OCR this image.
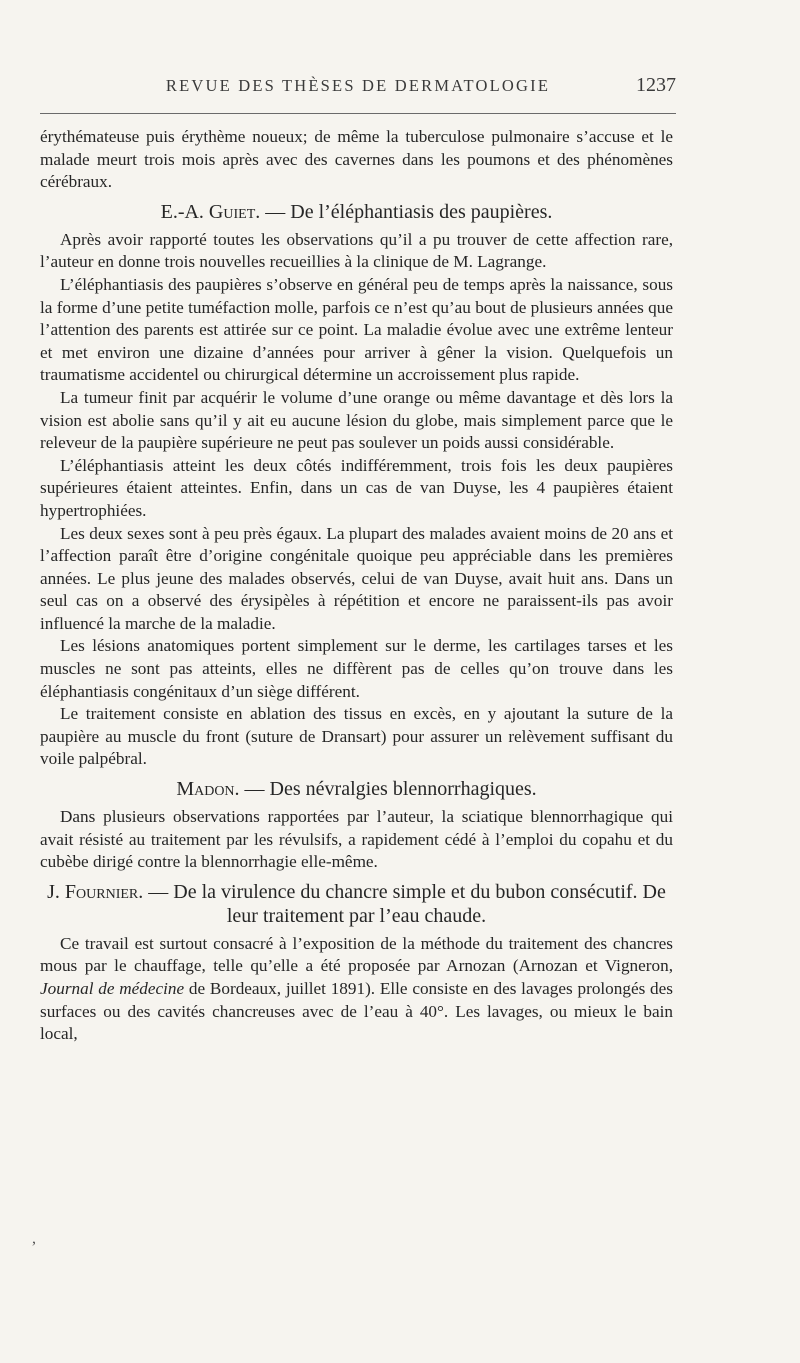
REVUE DES THÈSES DE DERMATOLOGIE	1237

érythémateuse puis érythème noueux; de même la tuberculose pulmonaire s’accuse et le malade meurt trois mois après avec des cavernes dans les poumons et des phénomènes cérébraux.

E.-A. Guiet. — De l’éléphantiasis des paupières.

Après avoir rapporté toutes les observations qu’il a pu trouver de cette affection rare, l’auteur en donne trois nouvelles recueillies à la clinique de M. Lagrange.

L’éléphantiasis des paupières s’observe en général peu de temps après la naissance, sous la forme d’une petite tuméfaction molle, parfois ce n’est qu’au bout de plusieurs années que l’attention des parents est attirée sur ce point. La maladie évolue avec une extrême lenteur et met environ une dizaine d’années pour arriver à gêner la vision. Quelquefois un traumatisme accidentel ou chirurgical détermine un accroissement plus rapide.

La tumeur finit par acquérir le volume d’une orange ou même davantage et dès lors la vision est abolie sans qu’il y ait eu aucune lésion du globe, mais simplement parce que le releveur de la paupière supérieure ne peut pas soulever un poids aussi considérable.

L’éléphantiasis atteint les deux côtés indifféremment, trois fois les deux paupières supérieures étaient atteintes. Enfin, dans un cas de van Duyse, les 4 paupières étaient hypertrophiées.

Les deux sexes sont à peu près égaux. La plupart des malades avaient moins de 20 ans et l’affection paraît être d’origine congénitale quoique peu appréciable dans les premières années. Le plus jeune des malades observés, celui de van Duyse, avait huit ans. Dans un seul cas on a observé des érysipèles à répétition et encore ne paraissent-ils pas avoir influencé la marche de la maladie.

Les lésions anatomiques portent simplement sur le derme, les cartilages tarses et les muscles ne sont pas atteints, elles ne diffèrent pas de celles qu’on trouve dans les éléphantiasis congénitaux d’un siège différent.

Le traitement consiste en ablation des tissus en excès, en y ajoutant la suture de la paupière au muscle du front (suture de Dransart) pour assurer un relèvement suffisant du voile palpébral.

Madon. — Des névralgies blennorrhagiques.

Dans plusieurs observations rapportées par l’auteur, la sciatique blennorrhagique qui avait résisté au traitement par les révulsifs, a rapidement cédé à l’emploi du copahu et du cubèbe dirigé contre la blennorrhagie elle-même.

J. Fournier. — De la virulence du chancre simple et du bubon consécutif. De leur traitement par l’eau chaude.

Ce travail est surtout consacré à l’exposition de la méthode du traitement des chancres mous par le chauffage, telle qu’elle a été proposée par Arnozan (Arnozan et Vigneron, Journal de médecine de Bordeaux, juillet 1891). Elle consiste en des lavages prolongés des surfaces ou des cavités chancreuses avec de l’eau à 40°. Les lavages, ou mieux le bain local,

,
